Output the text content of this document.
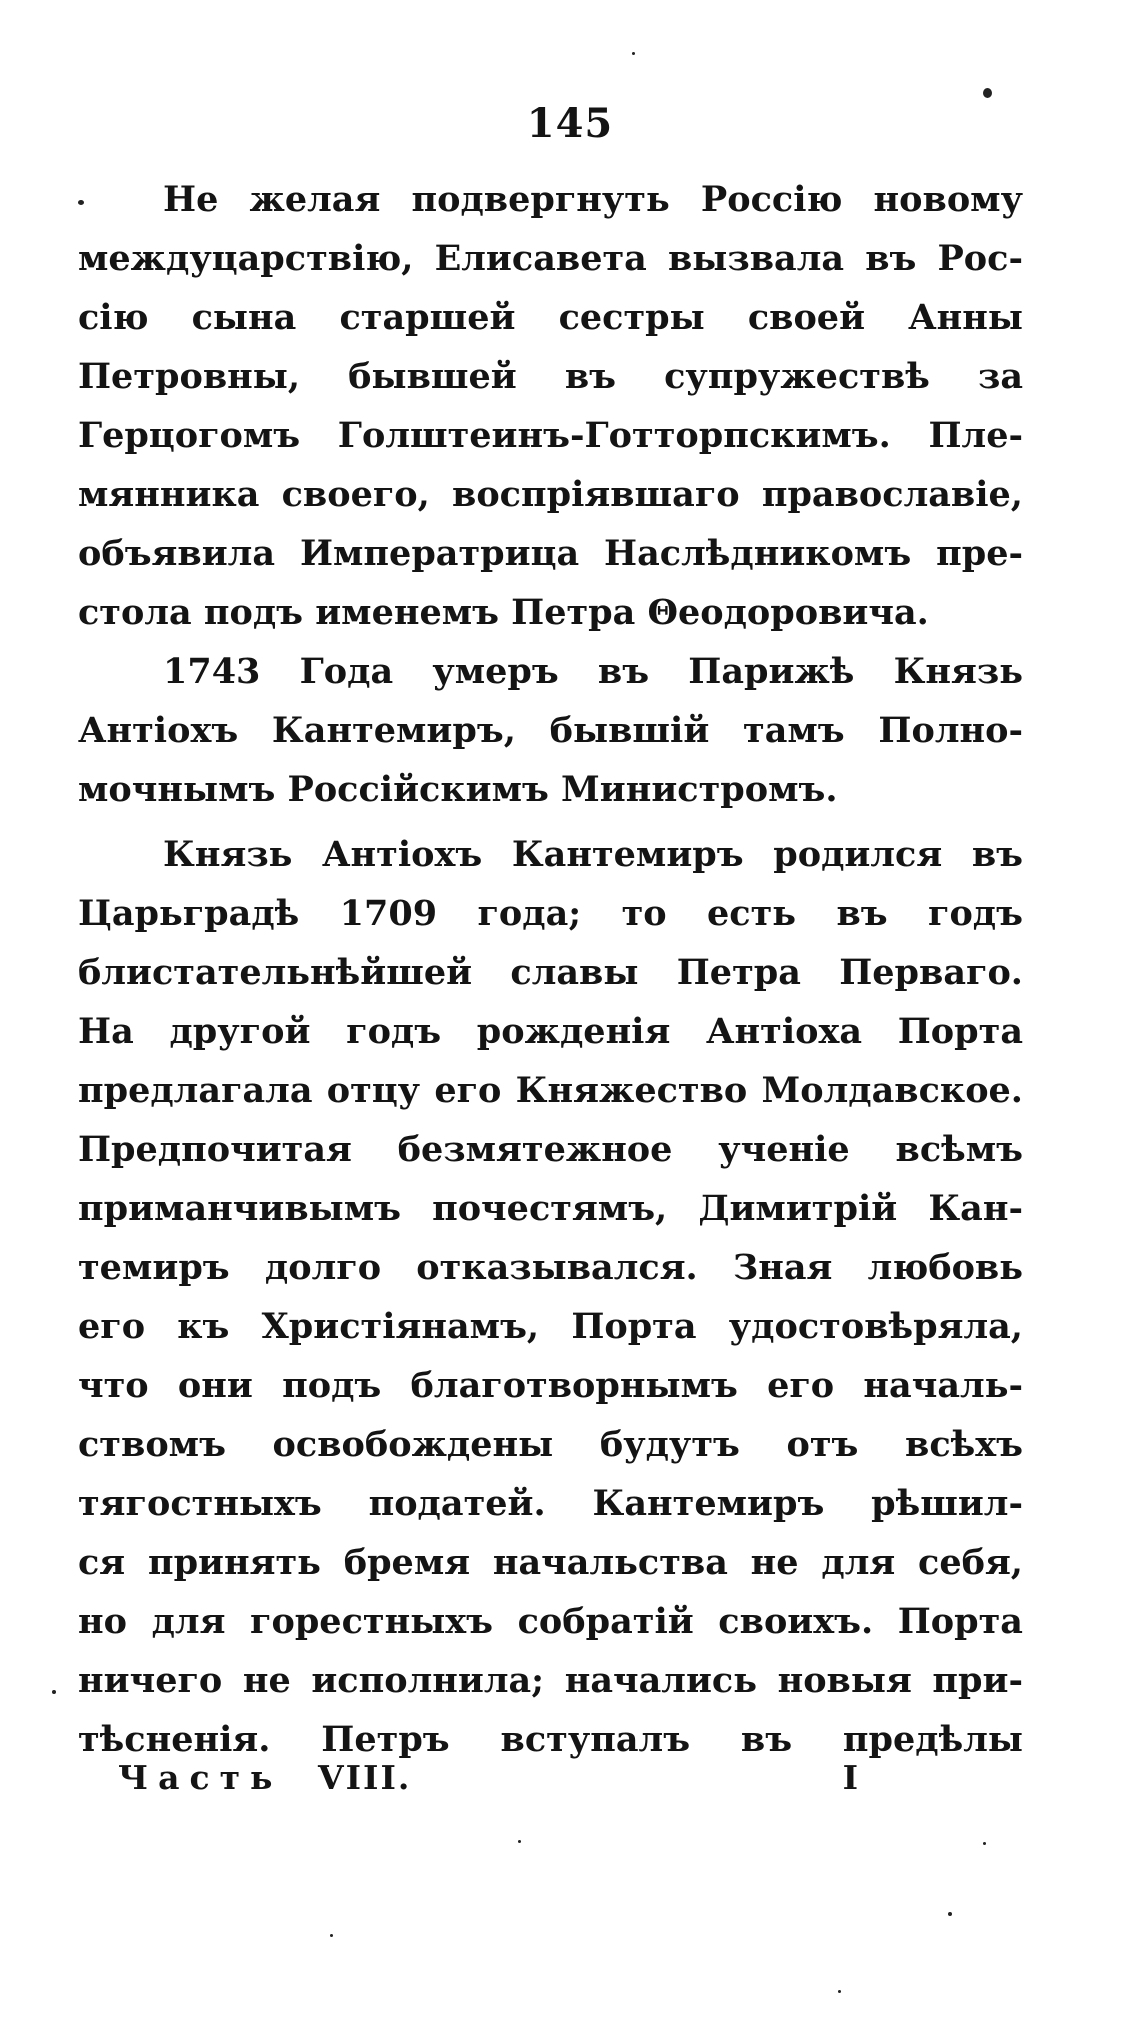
145
Не желая подвергнуть Россію новому
междуцарствію, Елисавета вызвала въ Рос-
сію сына старшей сестры своей Анны
Петровны, бывшей въ супружествѣ за
Герцогомъ Голштеинъ-Готторпскимъ. Пле-
мянника своего, воспріявшаго православіе,
объявила Императрица Наслѣдникомъ пре-
стола подъ именемъ Петра Θеодоровича.
1743 Года умеръ въ Парижѣ Князь
Антіохъ Кантемиръ, бывшій тамъ Полно-
мочнымъ Россійскимъ Министромъ.
Князь Антіохъ Кантемиръ родился въ
Царьградѣ 1709 года; то есть въ годъ
блистательнѣйшей славы Петра Перваго.
На другой годъ рожденія Антіоха Порта
предлагала отцу его Княжество Молдавское.
Предпочитая безмятежное ученіе всѣмъ
приманчивымъ почестямъ, Димитрій Кан-
темиръ долго отказывался. Зная любовь
его къ Христіянамъ, Порта удостовѣряла,
что они подъ благотворнымъ его началь-
ствомъ освобождены будутъ отъ всѣхъ
тягостныхъ податей. Кантемиръ рѣшил-
ся принять бремя начальства не для себя,
но для горестныхъ собратій своихъ. Порта
ничего не исполнила; начались новыя при-
тѣсненія. Петръ вступалъ въ предѣлы
Часть VIII.	I
